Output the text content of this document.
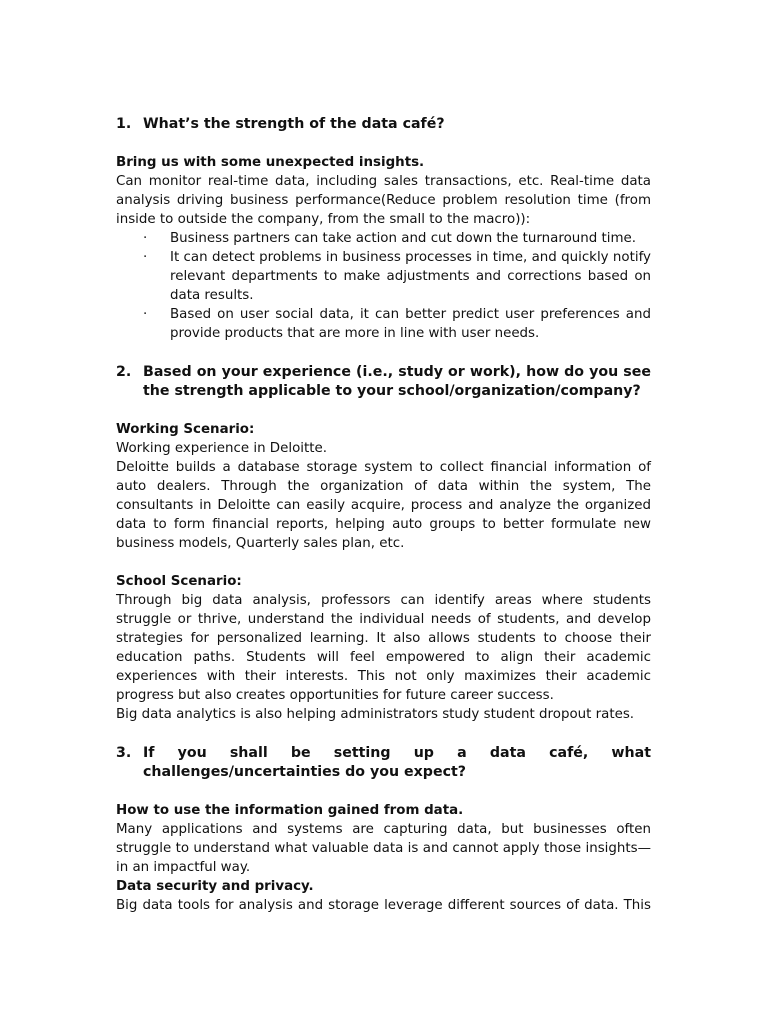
1. What’s the strength of the data café?

Bring us with some unexpected insights.

Can monitor real-time data, including sales transactions, etc. Real-time data analysis driving business performance(Reduce problem resolution time (from inside to outside the company, from the small to the macro)):

·	Business partners can take action and cut down the turnaround time.
·	It can detect problems in business processes in time, and quickly notify relevant departments to make adjustments and corrections based on data results.
·	Based on user social data, it can better predict user preferences and provide products that are more in line with user needs.
2. Based on your experience (i.e., study or work), how do you see the strength applicable to your school/organization/company?

Working Scenario:

Working experience in Deloitte.

Deloitte builds a database storage system to collect financial information of auto dealers. Through the organization of data within the system, The consultants in Deloitte can easily acquire, process and analyze the organized data to form financial reports, helping auto groups to better formulate new business models, Quarterly sales plan, etc.

School Scenario:

Through big data analysis, professors can identify areas where students struggle or thrive, understand the individual needs of students, and develop strategies for personalized learning. It also allows students to choose their education paths. Students will feel empowered to align their academic experiences with their interests. This not only maximizes their academic progress but also creates opportunities for future career success.

Big data analytics is also helping administrators study student dropout rates.

3. If you shall be setting up a data café, what
challenges/uncertainties do you expect?

How to use the information gained from data.

Many applications and systems are capturing data, but businesses often struggle to understand what valuable data is and cannot apply those insights—in an impactful way.

Data security and privacy.

Big data tools for analysis and storage leverage different sources of data. This
